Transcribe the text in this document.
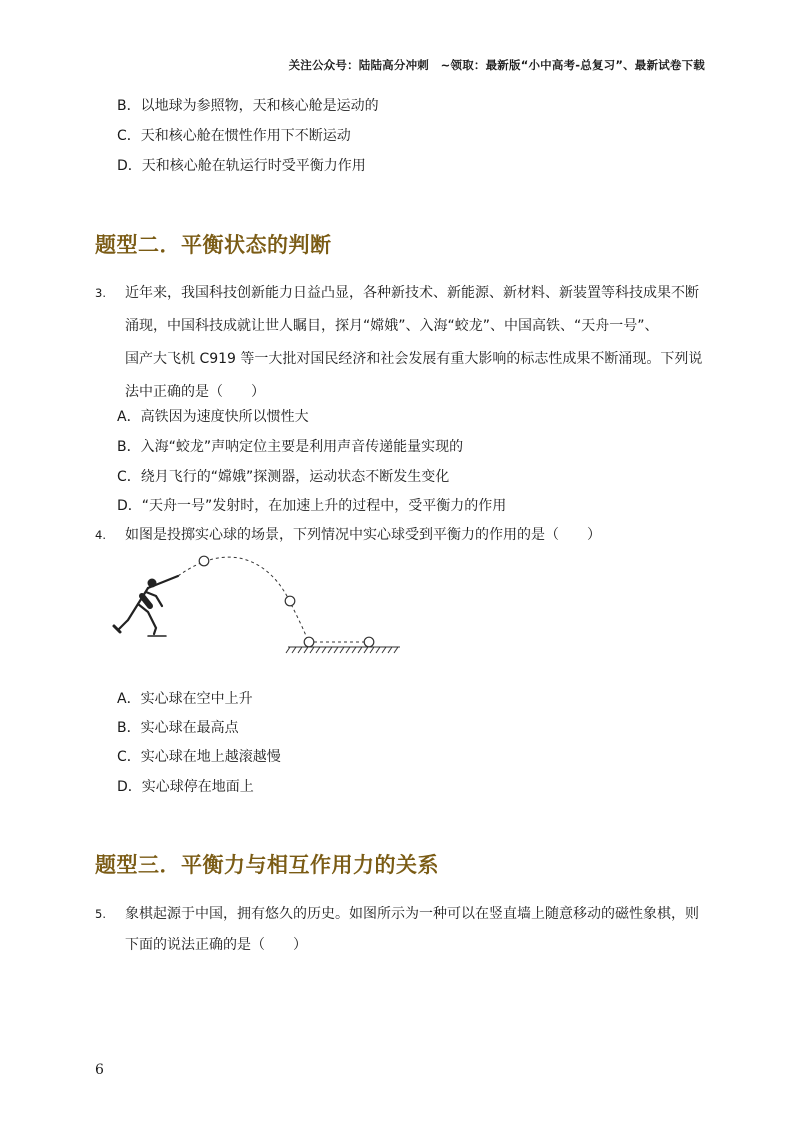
关注公众号：陆陆高分冲刺　~领取：最新版“小中高考-总复习”、最新试卷下载
B．以地球为参照物，天和核心舱是运动的
C．天和核心舱在惯性作用下不断运动
D．天和核心舱在轨运行时受平衡力作用
题型二．平衡状态的判断
3. 近年来，我国科技创新能力日益凸显，各种新技术、新能源、新材料、新装置等科技成果不断
涌现，中国科技成就让世人瞩目，探月“嫦娥”、入海“蛟龙”、中国高铁、“天舟一号”、
国产大飞机 C919 等一大批对国民经济和社会发展有重大影响的标志性成果不断涌现。下列说
法中正确的是（　　）
A．高铁因为速度快所以惯性大
B．入海“蛟龙”声呐定位主要是利用声音传递能量实现的
C．绕月飞行的“嫦娥”探测器，运动状态不断发生变化
D．“天舟一号”发射时，在加速上升的过程中，受平衡力的作用
4. 如图是投掷实心球的场景，下列情况中实心球受到平衡力的作用的是（　　）
A．实心球在空中上升
B．实心球在最高点
C．实心球在地上越滚越慢
D．实心球停在地面上
题型三．平衡力与相互作用力的关系
5. 象棋起源于中国，拥有悠久的历史。如图所示为一种可以在竖直墙上随意移动的磁性象棋，则
下面的说法正确的是（　　）
6
